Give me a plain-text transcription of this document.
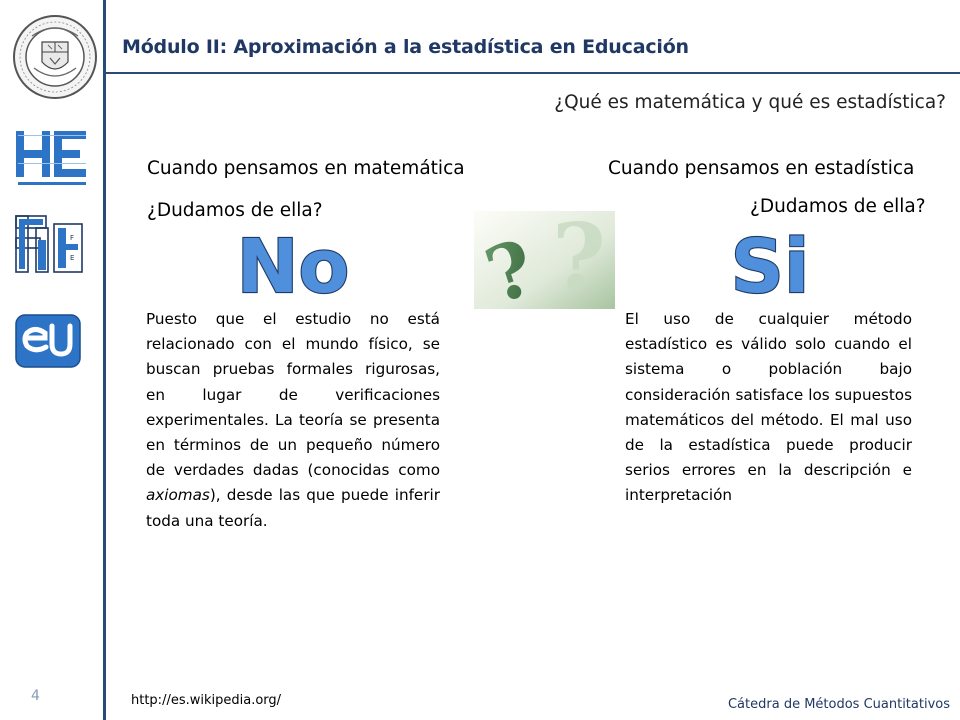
F
E
Módulo II: Aproximación a la estadística en Educación
¿Qué es matemática y qué es estadística?
Cuando pensamos en matemática
¿Dudamos de ella?
No
Puesto que el estudio no está relacionado con el mundo físico, se buscan pruebas formales rigurosas, en lugar de verificaciones experimentales. La teoría se presenta en términos de un pequeño número de verdades dadas (conocidas como axiomas), desde las que puede inferir toda una teoría.
?
?
Cuando pensamos en estadística
¿Dudamos de ella?
Si
El uso de cualquier método estadístico es válido solo cuando el sistema o población bajo consideración satisface los supuestos matemáticos del método. El mal uso de la estadística puede producir serios errores en la descripción e interpretación
4	http://es.wikipedia.org/	Cátedra de Métodos Cuantitativos
